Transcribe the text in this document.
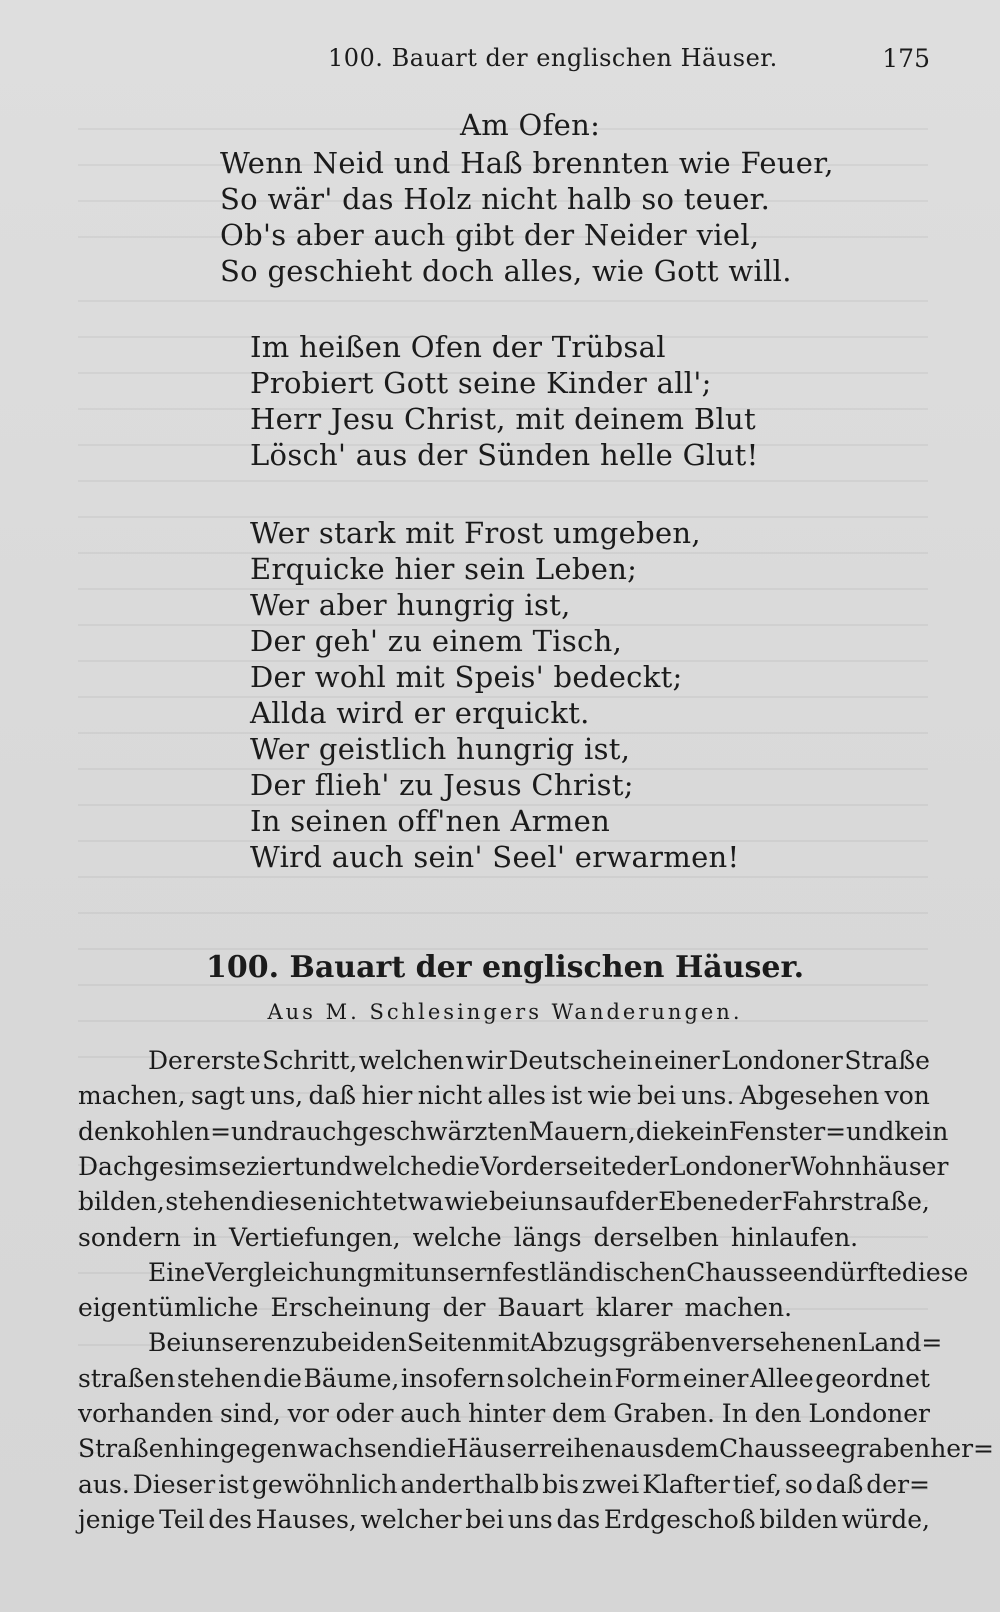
100. Bauart der englischen Häuser.	175
Am Ofen:
Wenn Neid und Haß brennten wie Feuer,
So wär' das Holz nicht halb so teuer.
Ob's aber auch gibt der Neider viel,
So geschieht doch alles, wie Gott will.
Im heißen Ofen der Trübsal
Probiert Gott seine Kinder all';
Herr Jesu Christ, mit deinem Blut
Lösch' aus der Sünden helle Glut!
Wer stark mit Frost umgeben,
Erquicke hier sein Leben;
Wer aber hungrig ist,
Der geh' zu einem Tisch,
Der wohl mit Speis' bedeckt;
Allda wird er erquickt.
Wer geistlich hungrig ist,
Der flieh' zu Jesus Christ;
In seinen off'nen Armen
Wird auch sein' Seel' erwarmen!
100. Bauart der englischen Häuser.
Aus M. Schlesingers Wanderungen.
Der erste Schritt, welchen wir Deutsche in einer Londoner Straße
machen, sagt uns, daß hier nicht alles ist wie bei uns. Abgesehen von
den kohlen= und rauchgeschwärzten Mauern, die kein Fenster= und kein
Dachgesimse ziert und welche die Vorderseite der Londoner Wohnhäuser
bilden, stehen diese nicht etwa wie bei uns auf der Ebene der Fahrstraße,
sondern in Vertiefungen, welche längs derselben hinlaufen.
Eine Vergleichung mit unsern festländischen Chausseen dürfte diese
eigentümliche Erscheinung der Bauart klarer machen.
Bei unseren zu beiden Seiten mit Abzugsgräben versehenen Land=
straßen stehen die Bäume, insofern solche in Form einer Allee geordnet
vorhanden sind, vor oder auch hinter dem Graben. In den Londoner
Straßen hingegen wachsen die Häuserreihen aus dem Chausseegraben her=
aus. Dieser ist gewöhnlich anderthalb bis zwei Klafter tief, so daß der=
jenige Teil des Hauses, welcher bei uns das Erdgeschoß bilden würde,
